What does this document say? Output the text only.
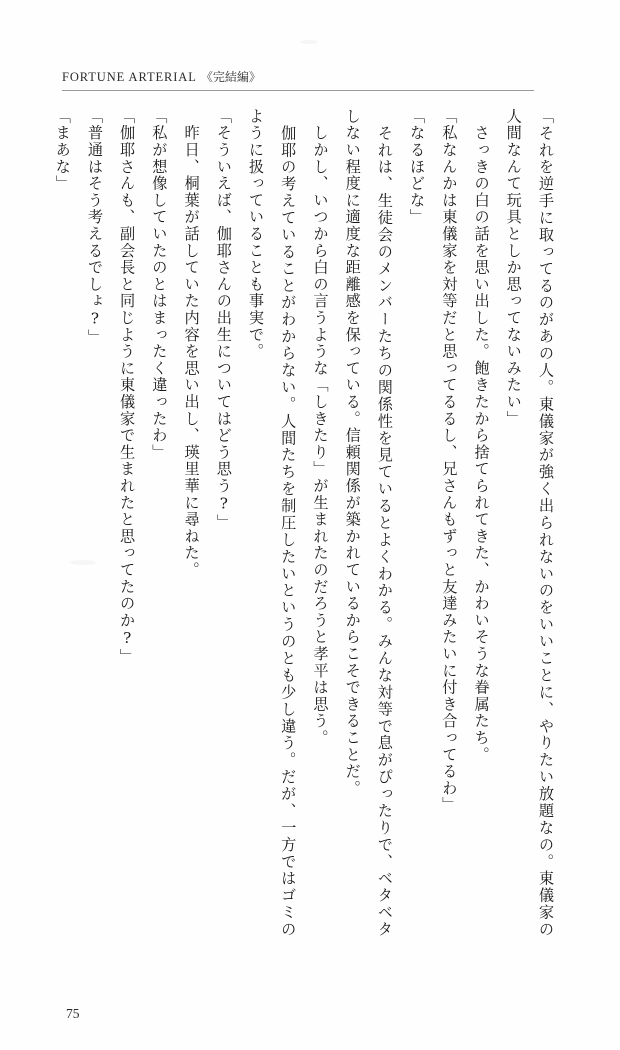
FORTUNE ARTERIAL 《完結編》

「それを逆手に取ってるのがあの人。東儀家が強く出られないのをいいことに、やりたい放題なの。東儀家の人間なんて玩具としか思ってないみたい」

　さっきの白の話を思い出した。飽きたから捨てられてきた、かわいそうな眷属たち。

「私なんかは東儀家を対等だと思ってるるし、兄さんもずっと友達みたいに付き合ってるわ」

「なるほどな」

　それは、生徒会のメンバーたちの関係性を見ているとよくわかる。みんな対等で息がぴったりで、ベタベタしない程度に適度な距離感を保っている。信頼関係が築かれているからこそできることだ。

　しかし、いつから白の言うような「しきたり」が生まれたのだろうと孝平は思う。

　伽耶の考えていることがわからない。人間たちを制圧したいというのとも少し違う。だが、一方ではゴミのように扱っていることも事実で。

「そういえば、伽耶さんの出生についてはどう思う?」

　昨日、桐葉が話していた内容を思い出し、瑛里華に尋ねた。

「私が想像していたのとはまったく違ったわ」

「伽耶さんも、副会長と同じように東儀家で生まれたと思ってたのか?」

「普通はそう考えるでしょ?」

「まあな」

75
